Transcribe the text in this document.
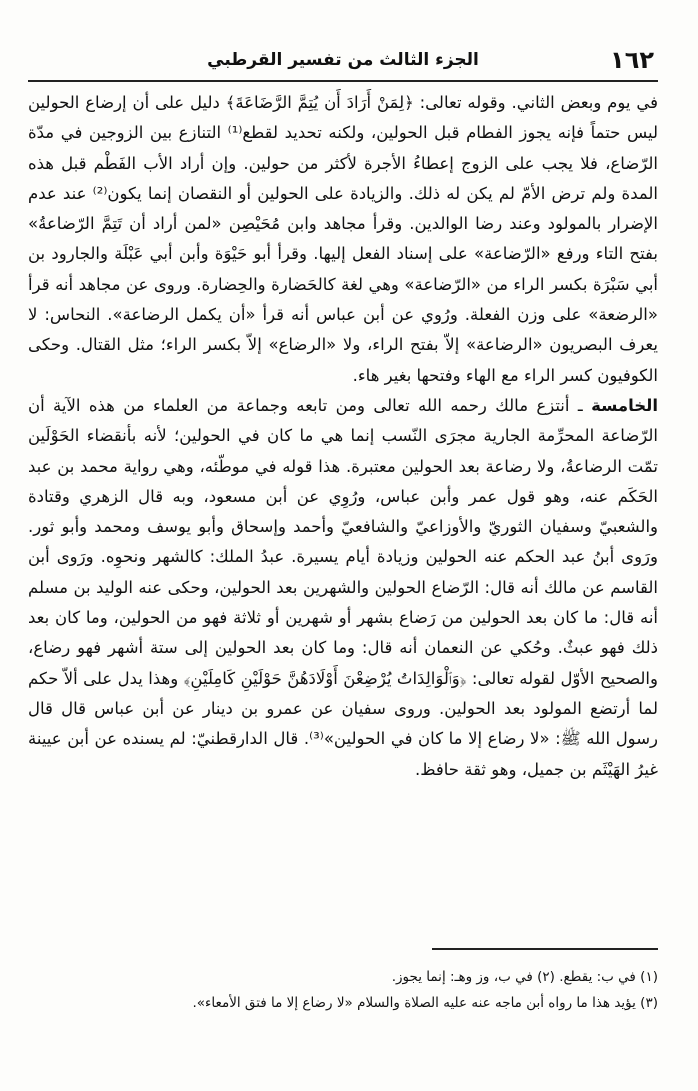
١٦٢
الجزء الثالث من تفسير القرطبي

في يوم وبعض الثاني. وقوله تعالى: ﴿لِمَنْ أَرَادَ أَن يُتِمَّ الرَّضَاعَةَ﴾ دليل على أن إرضاع الحولين ليس حتماً فإنه يجوز الفطام قبل الحولين، ولكنه تحديد لقطع⁽¹⁾ التنازع بين الزوجين في مدّة الرّضاع، فلا يجب على الزوج إعطاءُ الأجرة لأكثر من حولين. وإن أراد الأب الفَطْم قبل هذه المدة ولم ترض الأمّ لم يكن له ذلك. والزيادة على الحولين أو النقصان إنما يكون⁽²⁾ عند عدم الإضرار بالمولود وعند رضا الوالدين. وقرأ مجاهد وابن مُحَيْصِن «لمن أراد أن تَتِمَّ الرّضاعةُ» بفتح التاء ورفع «الرّضاعة» على إسناد الفعل إليها. وقرأ أبو حَيْوَة وأبن أبي عَبْلَة والجارود بن أبي سَبْرَة بكسر الراء من «الرّضاعة» وهي لغة كالحَضارة والحِضارة. وروى عن مجاهد أنه قرأ «الرضعة» على وزن الفعلة. ورُوي عن أبن عباس أنه قرأ «أن يكمل الرضاعة». النحاس: لا يعرف البصريون «الرضاعة» إلاّ بفتح الراء، ولا «الرضاع» إلاّ بكسر الراء؛ مثل القتال. وحكى الكوفيون كسر الراء مع الهاء وفتحها بغير هاء.

الخامسة ـ أنتزع مالك رحمه الله تعالى ومن تابعه وجماعة من العلماء من هذه الآية أن الرّضاعة المحرِّمة الجارية مجرَى النّسب إنما هي ما كان في الحولين؛ لأنه بأنقضاء الحَوْلَين تمّت الرضاعةُ، ولا رضاعة بعد الحولين معتبرة. هذا قوله في موطّئه، وهي رواية محمد بن عبد الحَكَم عنه، وهو قول عمر وأبن عباس، ورُوِي عن أبن مسعود، وبه قال الزهري وقتادة والشعبيّ وسفيان الثوريّ والأوزاعيّ والشافعيّ وأحمد وإسحاق وأبو يوسف ومحمد وأبو ثور. ورَوى أبنُ عبد الحكم عنه الحولين وزيادة أيام يسيرة. عبدُ الملك: كالشهر ونحوِه. ورَوى أبن القاسم عن مالك أنه قال: الرّضاع الحولين والشهرين بعد الحولين، وحكى عنه الوليد بن مسلم أنه قال: ما كان بعد الحولين من رَضاع بشهر أو شهرين أو ثلاثة فهو من الحولين، وما كان بعد ذلك فهو عبثٌ. وحُكي عن النعمان أنه قال: وما كان بعد الحولين إلى ستة أشهر فهو رضاع، والصحيح الأوّل لقوله تعالى: ﴿وَٱلْوَالِدَاتُ يُرْضِعْنَ أَوْلَادَهُنَّ حَوْلَيْنِ كَامِلَيْنِ﴾ وهذا يدل على ألاّ حكم لما أرتضع المولود بعد الحولين. وروى سفيان عن عمرو بن دينار عن أبن عباس قال قال رسول الله ﷺ: «لا رضاع إلا ما كان في الحولين»⁽³⁾. قال الدارقطنيّ: لم يسنده عن أبن عيينة غيرُ الهَيْثَم بن جميل، وهو ثقة حافظ.

(١) في ب: يقطع. (٢) في ب، وز وهـ: إنما يجوز.
(٣) يؤيد هذا ما رواه أبن ماجه عنه عليه الصلاة والسلام «لا رضاع إلا ما فتق الأمعاء».
